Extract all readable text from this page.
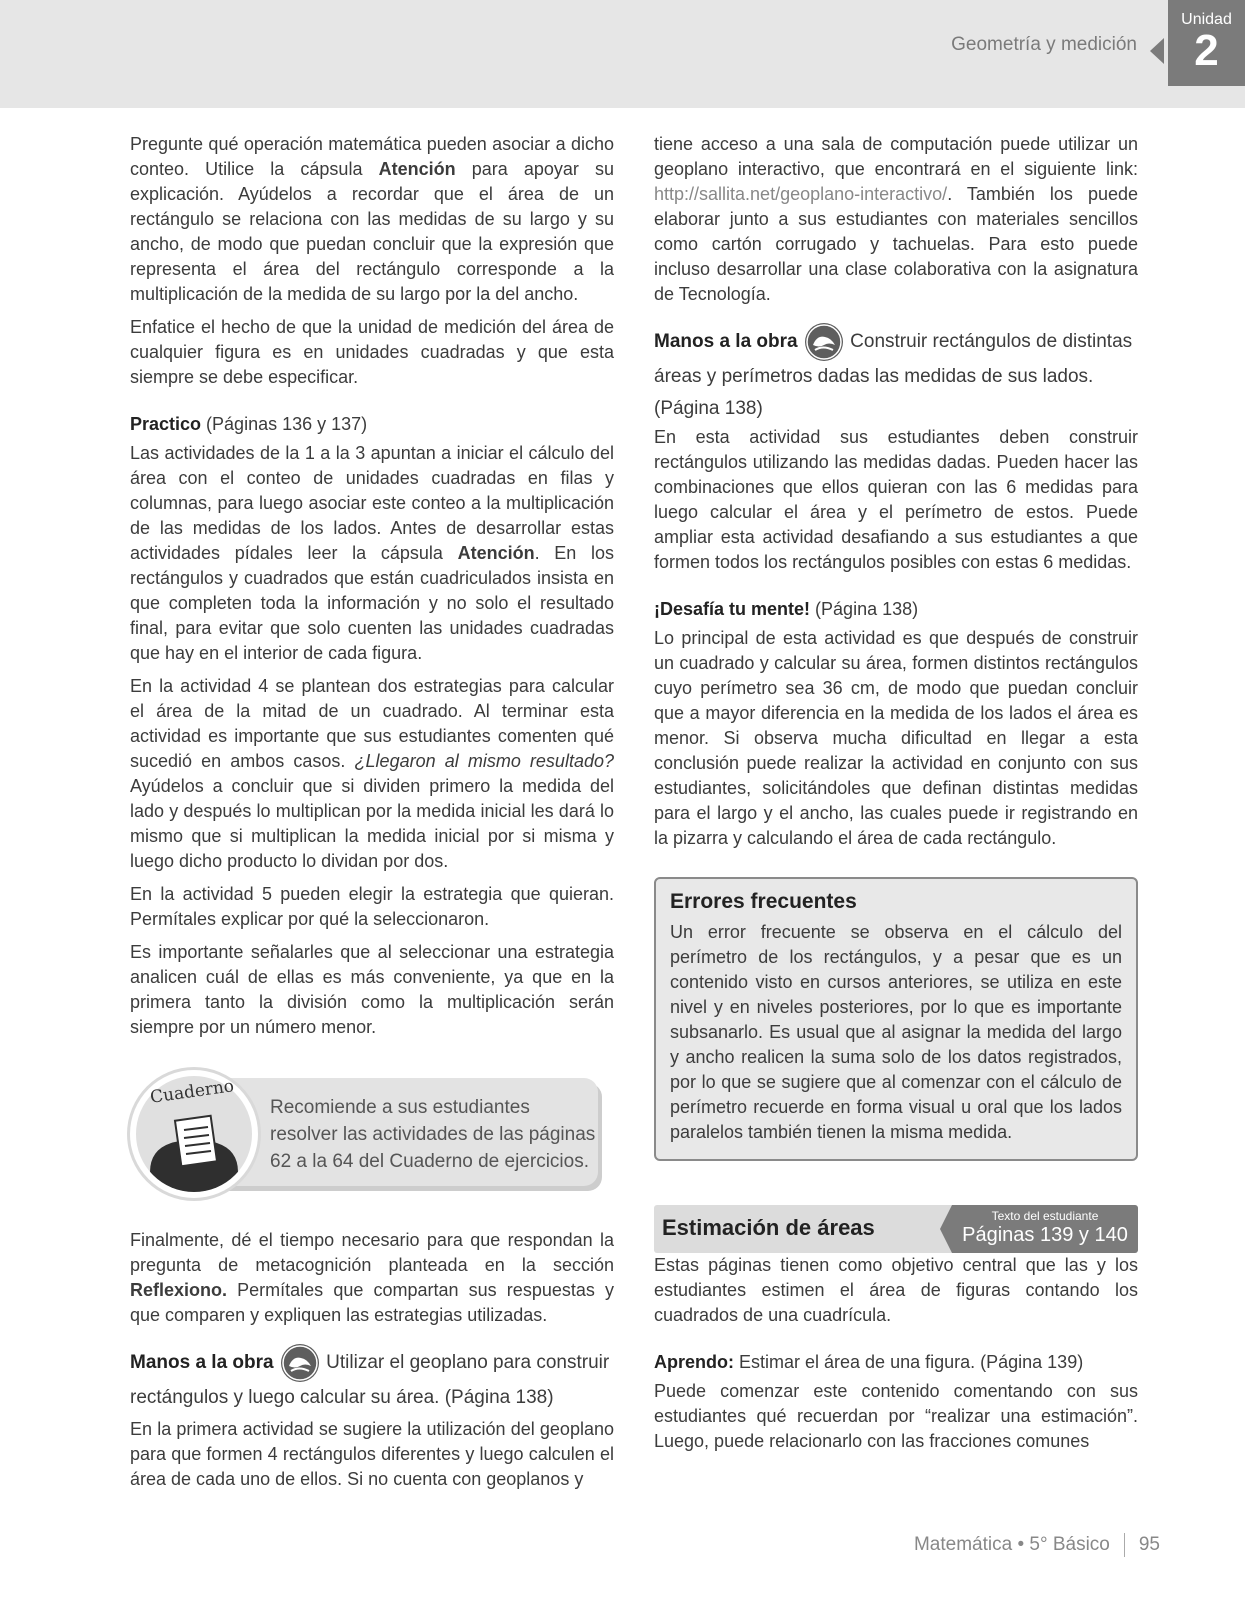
Geometría y medición
Unidad
2

Pregunte qué operación matemática pueden asociar a dicho conteo. Utilice la cápsula Atención para apoyar su explicación. Ayúdelos a recordar que el área de un rectángulo se relaciona con las medidas de su largo y su ancho, de modo que puedan concluir que la expresión que representa el área del rectángulo corresponde a la multiplicación de la medida de su largo por la del ancho.

Enfatice el hecho de que la unidad de medición del área de cualquier figura es en unidades cuadradas y que esta siempre se debe especificar.

Practico (Páginas 136 y 137)

Las actividades de la 1 a la 3 apuntan a iniciar el cálculo del área con el conteo de unidades cuadradas en filas y columnas, para luego asociar este conteo a la multiplicación de las medidas de los lados. Antes de desarrollar estas actividades pídales leer la cápsula Atención. En los rectángulos y cuadrados que están cuadriculados insista en que completen toda la información y no solo el resultado final, para evitar que solo cuenten las unidades cuadradas que hay en el interior de cada figura.

En la actividad 4 se plantean dos estrategias para calcular el área de la mitad de un cuadrado. Al terminar esta actividad es importante que sus estudiantes comenten qué sucedió en ambos casos. ¿Llegaron al mismo resultado? Ayúdelos a concluir que si dividen primero la medida del lado y después lo multiplican por la medida inicial les dará lo mismo que si multiplican la medida inicial por si misma y luego dicho producto lo dividan por dos.

En la actividad 5 pueden elegir la estrategia que quieran. Permítales explicar por qué la seleccionaron.

Es importante señalarles que al seleccionar una estrategia analicen cuál de ellas es más conveniente, ya que en la primera tanto la división como la multiplicación serán siempre por un número menor.

Recomiende a sus estudiantes resolver las actividades de las páginas 62 a la 64 del Cuaderno de ejercicios.
Cuaderno

Finalmente, dé el tiempo necesario para que respondan la pregunta de metacognición planteada en la sección Reflexiono. Permítales que compartan sus respuestas y que comparen y expliquen las estrategias utilizadas.

Manos a la obra	Utilizar el geoplano para construir rectángulos y luego calcular su área. (Página 138)

En la primera actividad se sugiere la utilización del geoplano para que formen 4 rectángulos diferentes y luego calculen el área de cada uno de ellos. Si no cuenta con geoplanos y

tiene acceso a una sala de computación puede utilizar un geoplano interactivo, que encontrará en el siguiente link: http://sallita.net/geoplano-interactivo/. También los puede elaborar junto a sus estudiantes con materiales sencillos como cartón corrugado y tachuelas. Para esto puede incluso desarrollar una clase colaborativa con la asignatura de Tecnología.

Manos a la obra	Construir rectángulos de distintas áreas y perímetros dadas las medidas de sus lados.
(Página 138)

En esta actividad sus estudiantes deben construir rectángulos utilizando las medidas dadas. Pueden hacer las combinaciones que ellos quieran con las 6 medidas para luego calcular el área y el perímetro de estos. Puede ampliar esta actividad desafiando a sus estudiantes a que formen todos los rectángulos posibles con estas 6 medidas.

¡Desafía tu mente! (Página 138)

Lo principal de esta actividad es que después de construir un cuadrado y calcular su área, formen distintos rectángulos cuyo perímetro sea 36 cm, de modo que puedan concluir que a mayor diferencia en la medida de los lados el área es menor. Si observa mucha dificultad en llegar a esta conclusión puede realizar la actividad en conjunto con sus estudiantes, solicitándoles que definan distintas medidas para el largo y el ancho, las cuales puede ir registrando en la pizarra y calculando el área de cada rectángulo.

Errores frecuentes

Un error frecuente se observa en el cálculo del perímetro de los rectángulos, y a pesar que es un contenido visto en cursos anteriores, se utiliza en este nivel y en niveles posteriores, por lo que es importante subsanarlo. Es usual que al asignar la medida del largo y ancho realicen la suma solo de los datos registrados, por lo que se sugiere que al comenzar con el cálculo de perímetro recuerde en forma visual u oral que los lados paralelos también tienen la misma medida.

Estimación de áreas	Texto del estudiante
Páginas 139 y 140

Estas páginas tienen como objetivo central que las y los estudiantes estimen el área de figuras contando los cuadrados de una cuadrícula.

Aprendo: Estimar el área de una figura. (Página 139)

Puede comenzar este contenido comentando con sus estudiantes qué recuerdan por “realizar una estimación”. Luego, puede relacionarlo con las fracciones comunes

Matemática • 5° Básico 95
